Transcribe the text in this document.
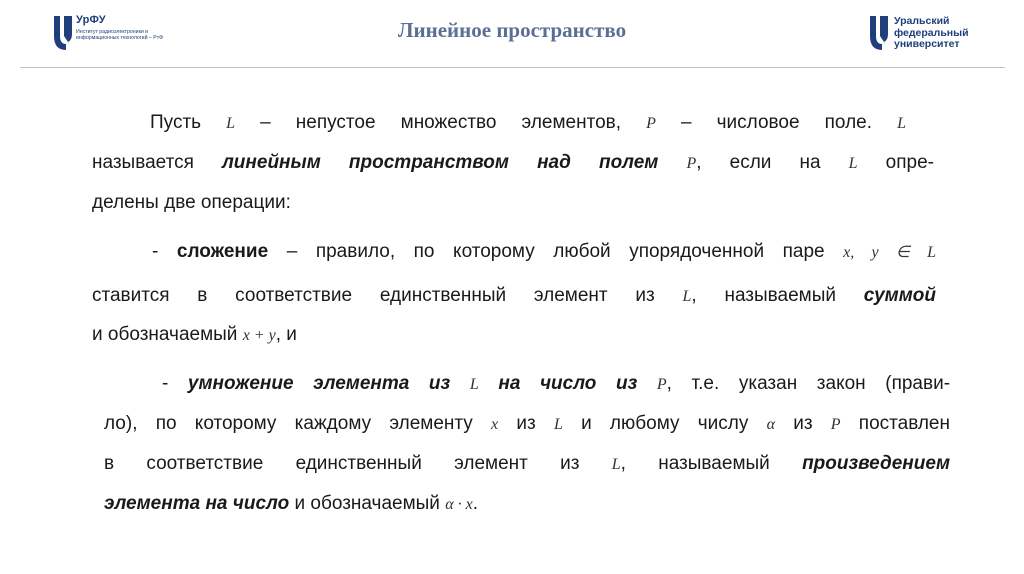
УрФУ
Институт радиоэлектроники и информационных технологий – РтФ	Линейное пространство	Уральский
федеральный
университет
Пусть L – непустое множество элементов, P – числовое поле. L
называется линейным пространством над полем P, если на L опре-
делены две операции:
- сложение – правило, по которому любой упорядоченной паре x, y ∈ L
ставится в соответствие единственный элемент из L, называемый суммой
и обозначаемый x + y, и
- умножение элемента из L на число из P, т.е. указан закон (прави-
ло), по которому каждому элементу x из L и любому числу α из P поставлен
в соответствие единственный элемент из L, называемый произведением
элемента на число и обозначаемый α · x.
